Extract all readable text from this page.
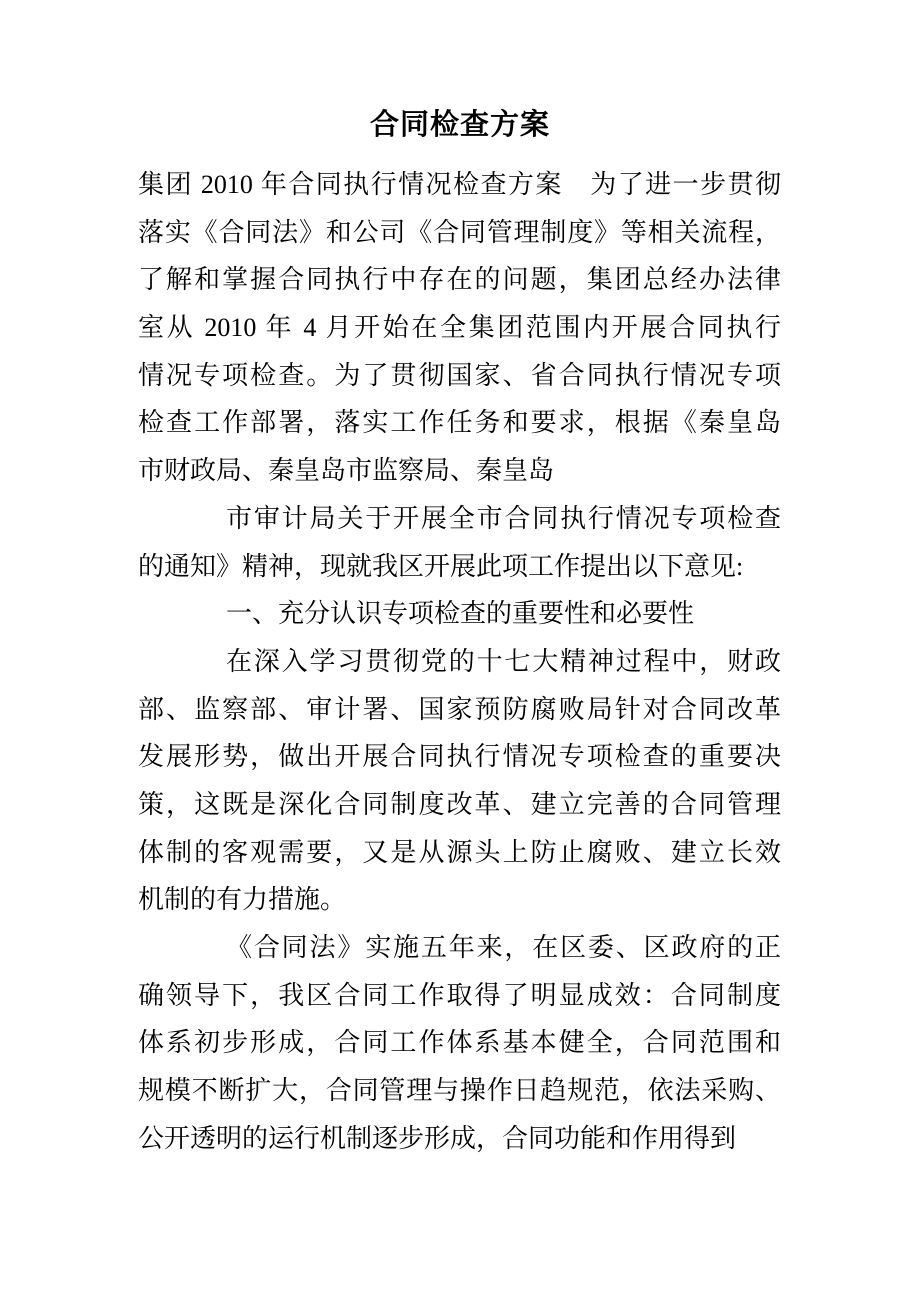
合同检查方案
集团 2010 年合同执行情况检查方案　为了进一步贯彻
落实《合同法》和公司《合同管理制度》等相关流程，
了解和掌握合同执行中存在的问题，集团总经办法律
室从 2010 年 4 月开始在全集团范围内开展合同执行
情况专项检查。为了贯彻国家、省合同执行情况专项
检查工作部署，落实工作任务和要求，根据《秦皇岛
市财政局、秦皇岛市监察局、秦皇岛
市审计局关于开展全市合同执行情况专项检查
的通知》精神，现就我区开展此项工作提出以下意见:
一、充分认识专项检查的重要性和必要性
在深入学习贯彻党的十七大精神过程中，财政
部、监察部、审计署、国家预防腐败局针对合同改革
发展形势，做出开展合同执行情况专项检查的重要决
策，这既是深化合同制度改革、建立完善的合同管理
体制的客观需要，又是从源头上防止腐败、建立长效
机制的有力措施。
《合同法》实施五年来，在区委、区政府的正
确领导下，我区合同工作取得了明显成效：合同制度
体系初步形成，合同工作体系基本健全，合同范围和
规模不断扩大，合同管理与操作日趋规范，依法采购、
公开透明的运行机制逐步形成，合同功能和作用得到
